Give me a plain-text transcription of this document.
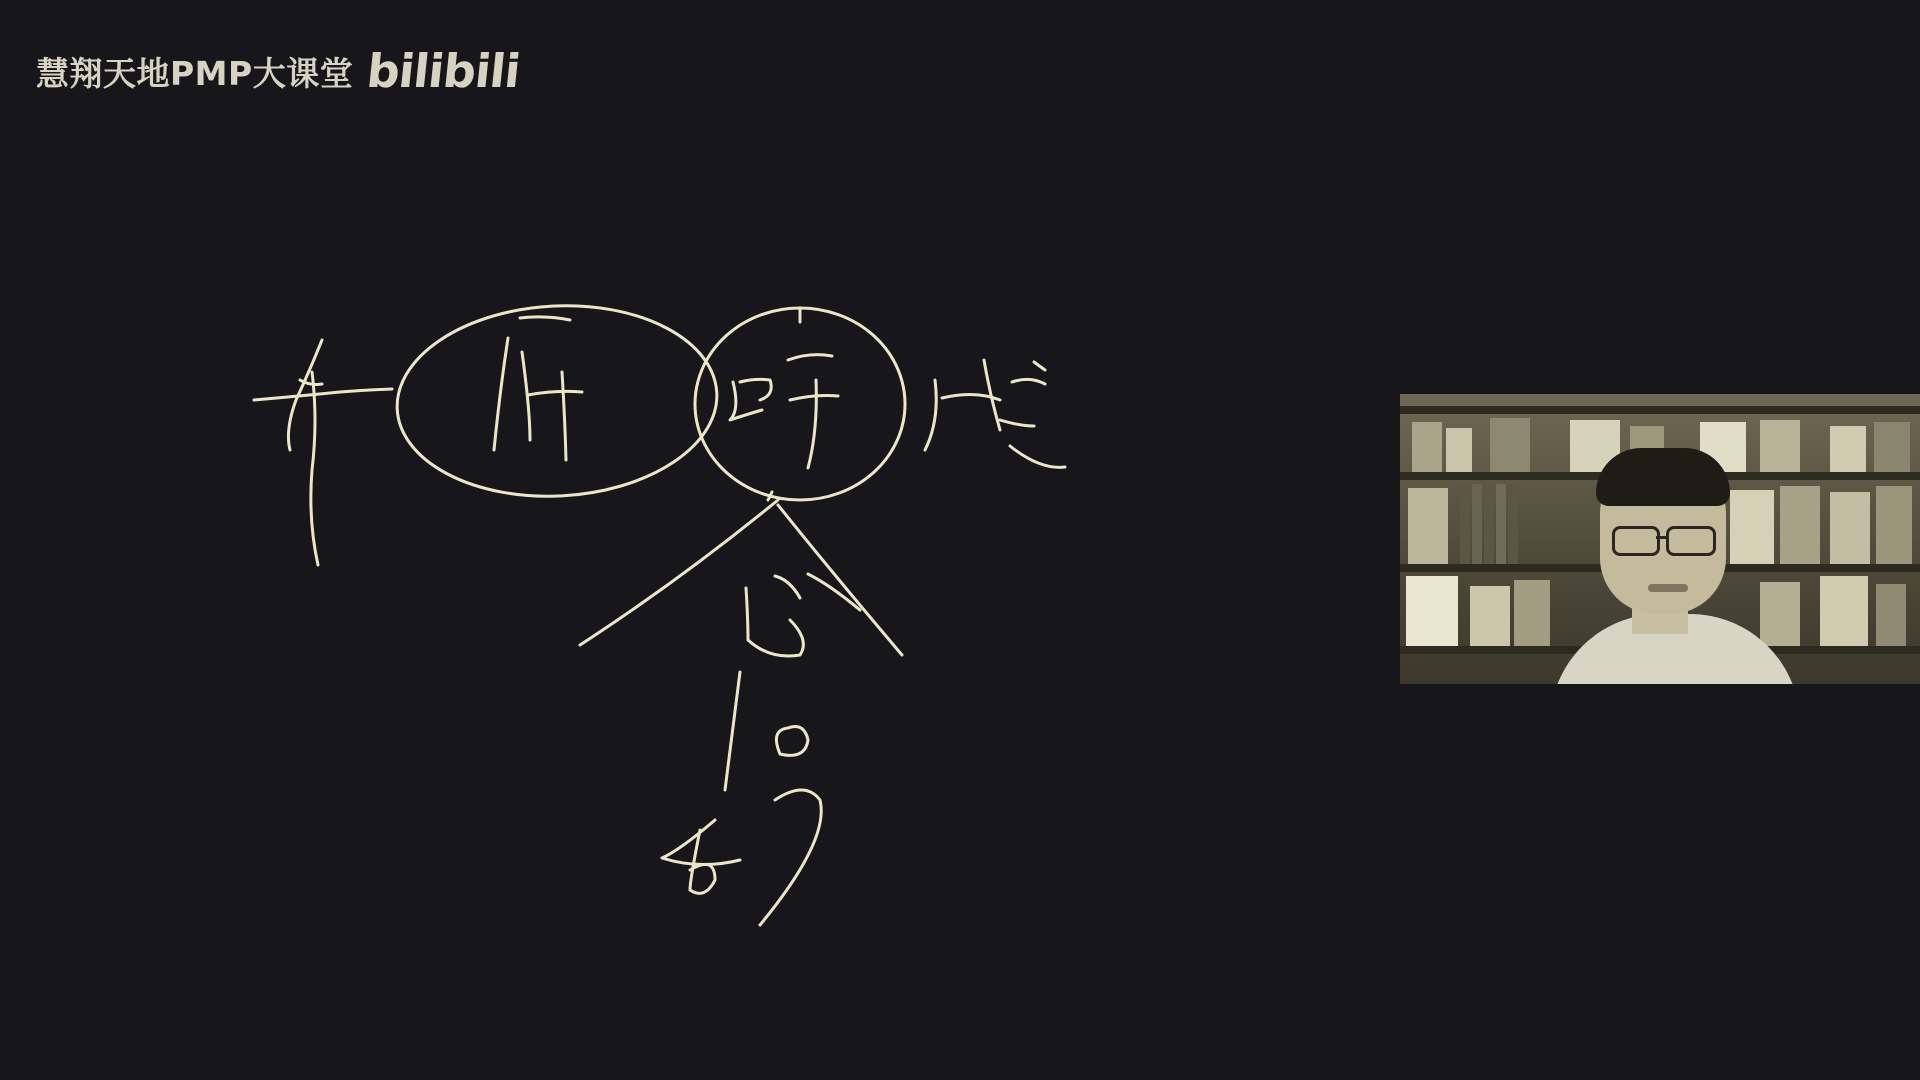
慧翔天地PMP大课堂 bilibili
